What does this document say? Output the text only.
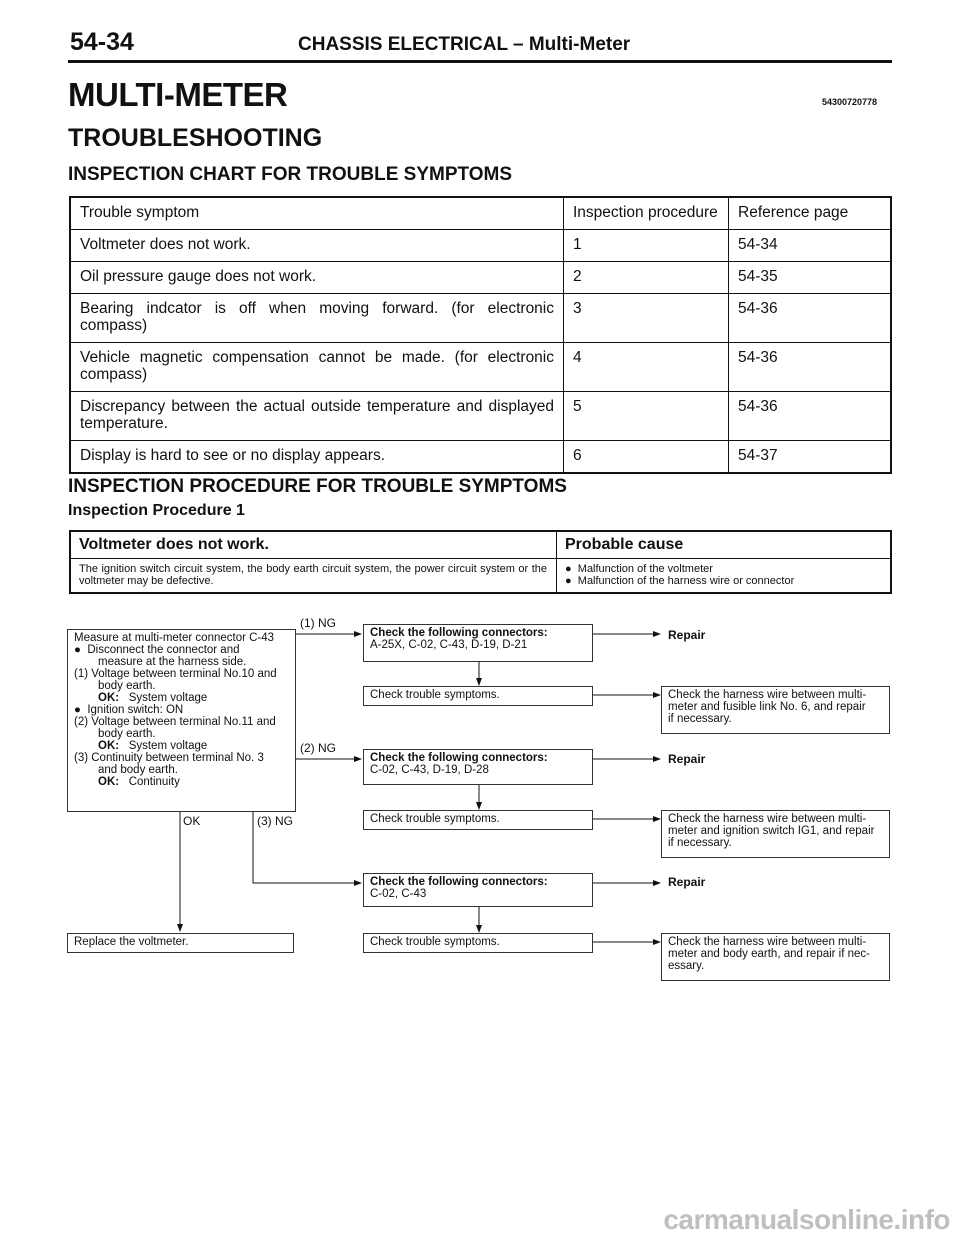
54-34	CHASSIS ELECTRICAL – Multi-Meter
MULTI-METER	54300720778
TROUBLESHOOTING
INSPECTION CHART FOR TROUBLE SYMPTOMS
Trouble symptom	Inspection procedure	Reference page
Voltmeter does not work.	1	54-34
Oil pressure gauge does not work.	2	54-35
Bearing indcator is off when moving forward. (for electronic compass)	3	54-36
Vehicle magnetic compensation cannot be made. (for electronic compass)	4	54-36
Discrepancy between the actual outside temperature and displayed temperature.	5	54-36
Display is hard to see or no display appears.	6	54-37
INSPECTION PROCEDURE FOR TROUBLE SYMPTOMS
Inspection Procedure 1
Voltmeter does not work.	Probable cause
The ignition switch circuit system, the body earth circuit system, the power circuit system or the voltmeter may be defective.
● Malfunction of the voltmeter
● Malfunction of the harness wire or connector
Measure at multi-meter connector C-43
● Disconnect the connector and
measure at the harness side.
(1) Voltage between terminal No.10 and
body earth.
OK: System voltage
● Ignition switch: ON
(2) Voltage between terminal No.11 and
body earth.
OK: System voltage
(3) Continuity between terminal No. 3
and body earth.
OK: Continuity
(1) NG
(2) NG
(3) NG
OK
Check the following connectors:
A-25X, C-02, C-43, D-19, D-21
Repair
Check trouble symptoms.	Check the harness wire between multi-
meter and fusible link No. 6, and repair
if necessary.
Check the following connectors:
C-02, C-43, D-19, D-28
Repair
Check trouble symptoms.	Check the harness wire between multi-
meter and ignition switch IG1, and repair
if necessary.
Check the following connectors:
C-02, C-43
Repair
Check trouble symptoms.	Check the harness wire between multi-
meter and body earth, and repair if nec-
essary.
Replace the voltmeter.
carmanualsonline.info
